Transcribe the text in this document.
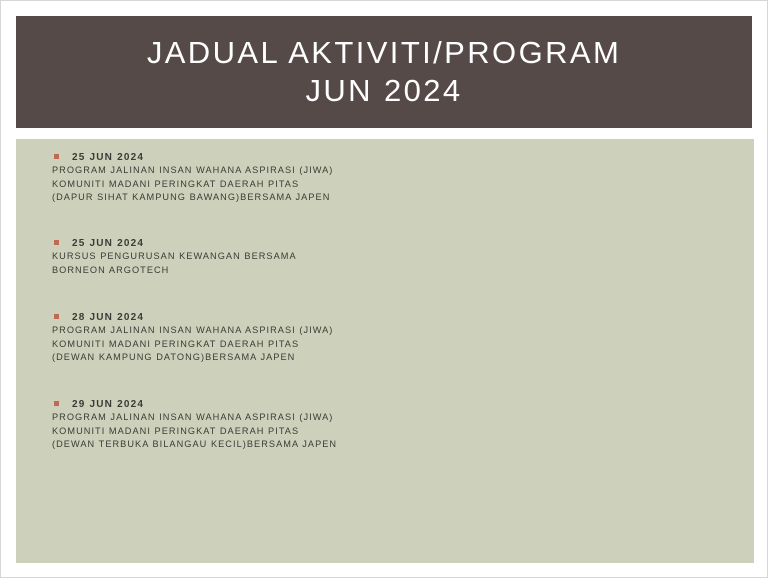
JADUAL AKTIVITI/PROGRAM
JUN 2024
25 JUN 2024
PROGRAM JALINAN INSAN WAHANA ASPIRASI (JIWA)
KOMUNITI MADANI PERINGKAT DAERAH PITAS
(DAPUR SIHAT KAMPUNG BAWANG)BERSAMA JAPEN
25 JUN 2024
KURSUS PENGURUSAN KEWANGAN BERSAMA
BORNEON ARGOTECH
28 JUN 2024
PROGRAM JALINAN INSAN WAHANA ASPIRASI (JIWA)
KOMUNITI MADANI PERINGKAT DAERAH PITAS
(DEWAN KAMPUNG DATONG)BERSAMA JAPEN
29 JUN 2024
PROGRAM JALINAN INSAN WAHANA ASPIRASI (JIWA)
KOMUNITI MADANI PERINGKAT DAERAH PITAS
(DEWAN TERBUKA BILANGAU KECIL)BERSAMA JAPEN
